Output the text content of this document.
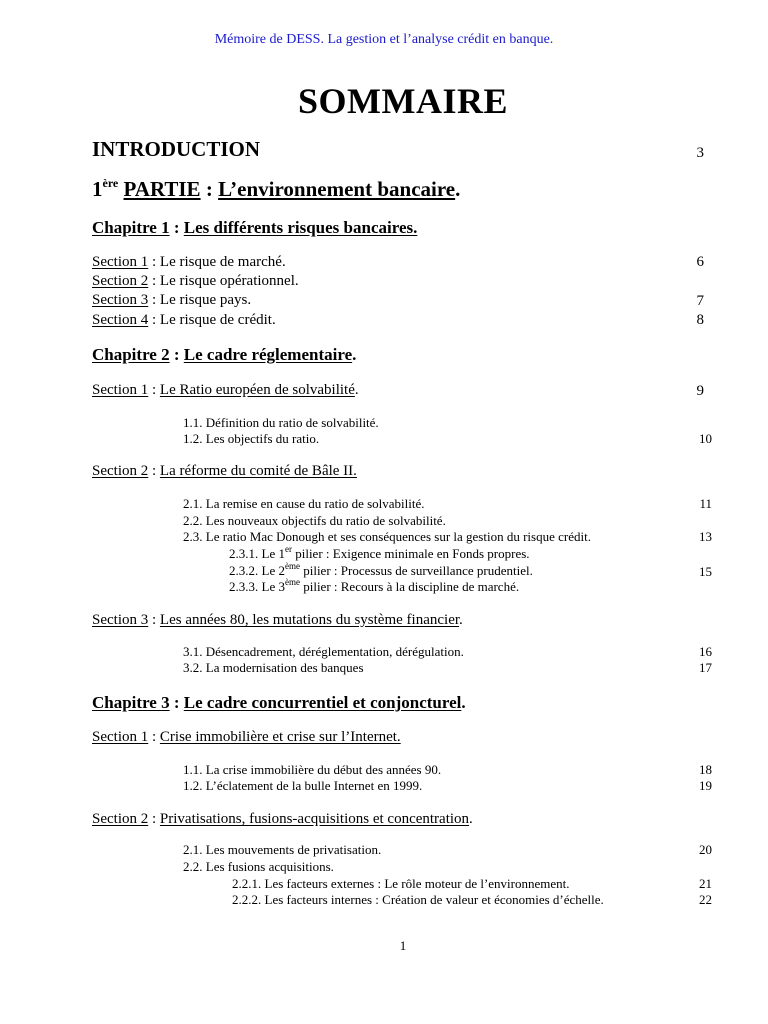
Mémoire de DESS. La gestion et l’analyse crédit en banque.
SOMMAIRE
INTRODUCTION	3
1ère PARTIE : L’environnement bancaire.
Chapitre 1 : Les différents risques bancaires.
Section 1 : Le risque de marché.	6
Section 2 : Le risque opérationnel.
Section 3 : Le risque pays.	7
Section 4 : Le risque de crédit.	8
Chapitre 2 : Le cadre réglementaire.
Section 1 : Le Ratio européen de solvabilité.	9
1.1. Définition du ratio de solvabilité.
1.2. Les objectifs du ratio.	10
Section 2 : La réforme du comité de Bâle II.
2.1. La remise en cause du ratio de solvabilité.	11
2.2. Les nouveaux objectifs du ratio de solvabilité.
2.3. Le ratio Mac Donough et ses conséquences sur la gestion du risque crédit.	13
2.3.1. Le 1er pilier : Exigence minimale en Fonds propres.
2.3.2. Le 2ème pilier : Processus de surveillance prudentiel.	15
2.3.3. Le 3ème pilier : Recours à la discipline de marché.
Section 3 : Les années 80, les mutations du système financier.
3.1. Désencadrement, déréglementation, dérégulation.	16
3.2. La modernisation des banques	17
Chapitre 3 : Le cadre concurrentiel et conjoncturel.
Section 1 : Crise immobilière et crise sur l’Internet.
1.1. La crise immobilière du début des années 90.	18
1.2. L’éclatement de la bulle Internet en 1999.	19
Section 2 : Privatisations, fusions-acquisitions et concentration.
2.1. Les mouvements de privatisation.	20
2.2. Les fusions acquisitions.
2.2.1. Les facteurs externes : Le rôle moteur de l’environnement.	21
2.2.2. Les facteurs internes : Création de valeur et économies d’échelle.	22
1
